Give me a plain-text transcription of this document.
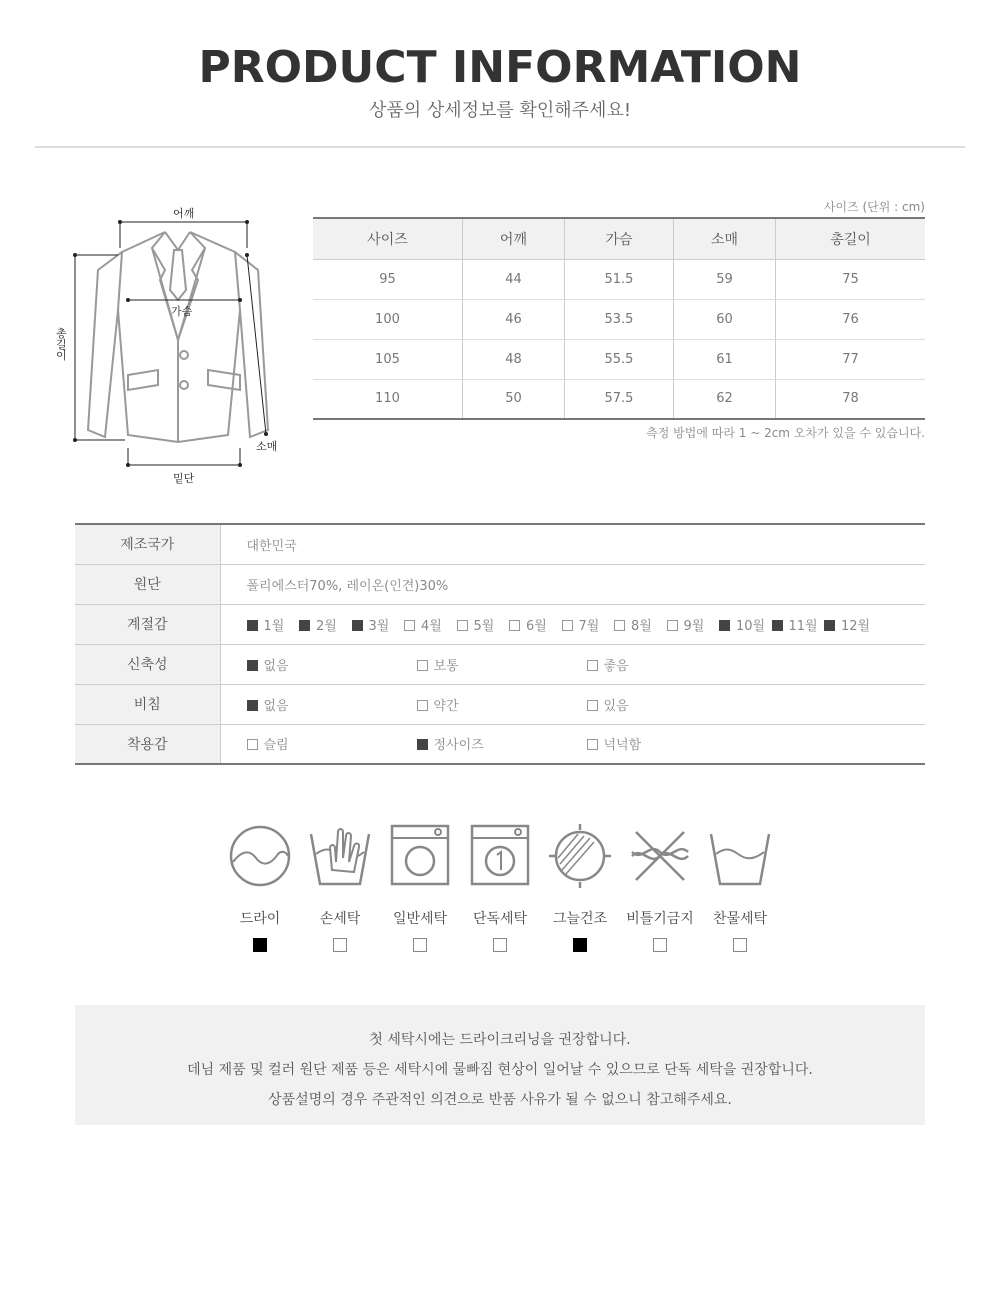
PRODUCT INFORMATION
상품의 상세정보를 확인해주세요!
어깨
가슴
총길이
소매
밑단
사이즈 (단위 : cm)
사이즈	어깨	가슴	소매	총길이
95	44	51.5	59	75
100	46	53.5	60	76
105	48	55.5	61	77
110	50	57.5	62	78
측정 방법에 따라 1 ~ 2cm 오차가 있을 수 있습니다.
제조국가	대한민국
원단	폴리에스터70%, 레이온(인견)30%
계절감	1월 2월 3월 4월 5월 6월 7월 8월 9월 10월 11월 12월
신축성	없음 보통 좋음
비침	없음 약간 있음
착용감	슬림 정사이즈 넉넉함
드라이	손세탁	일반세탁	단독세탁	그늘건조	비틀기금지	찬물세탁

첫 세탁시에는 드라이크리닝을 권장합니다.

데님 제품 및 컬러 원단 제품 등은 세탁시에 물빠짐 현상이 일어날 수 있으므로 단독 세탁을 권장합니다.

상품설명의 경우 주관적인 의견으로 반품 사유가 될 수 없으니 참고해주세요.
